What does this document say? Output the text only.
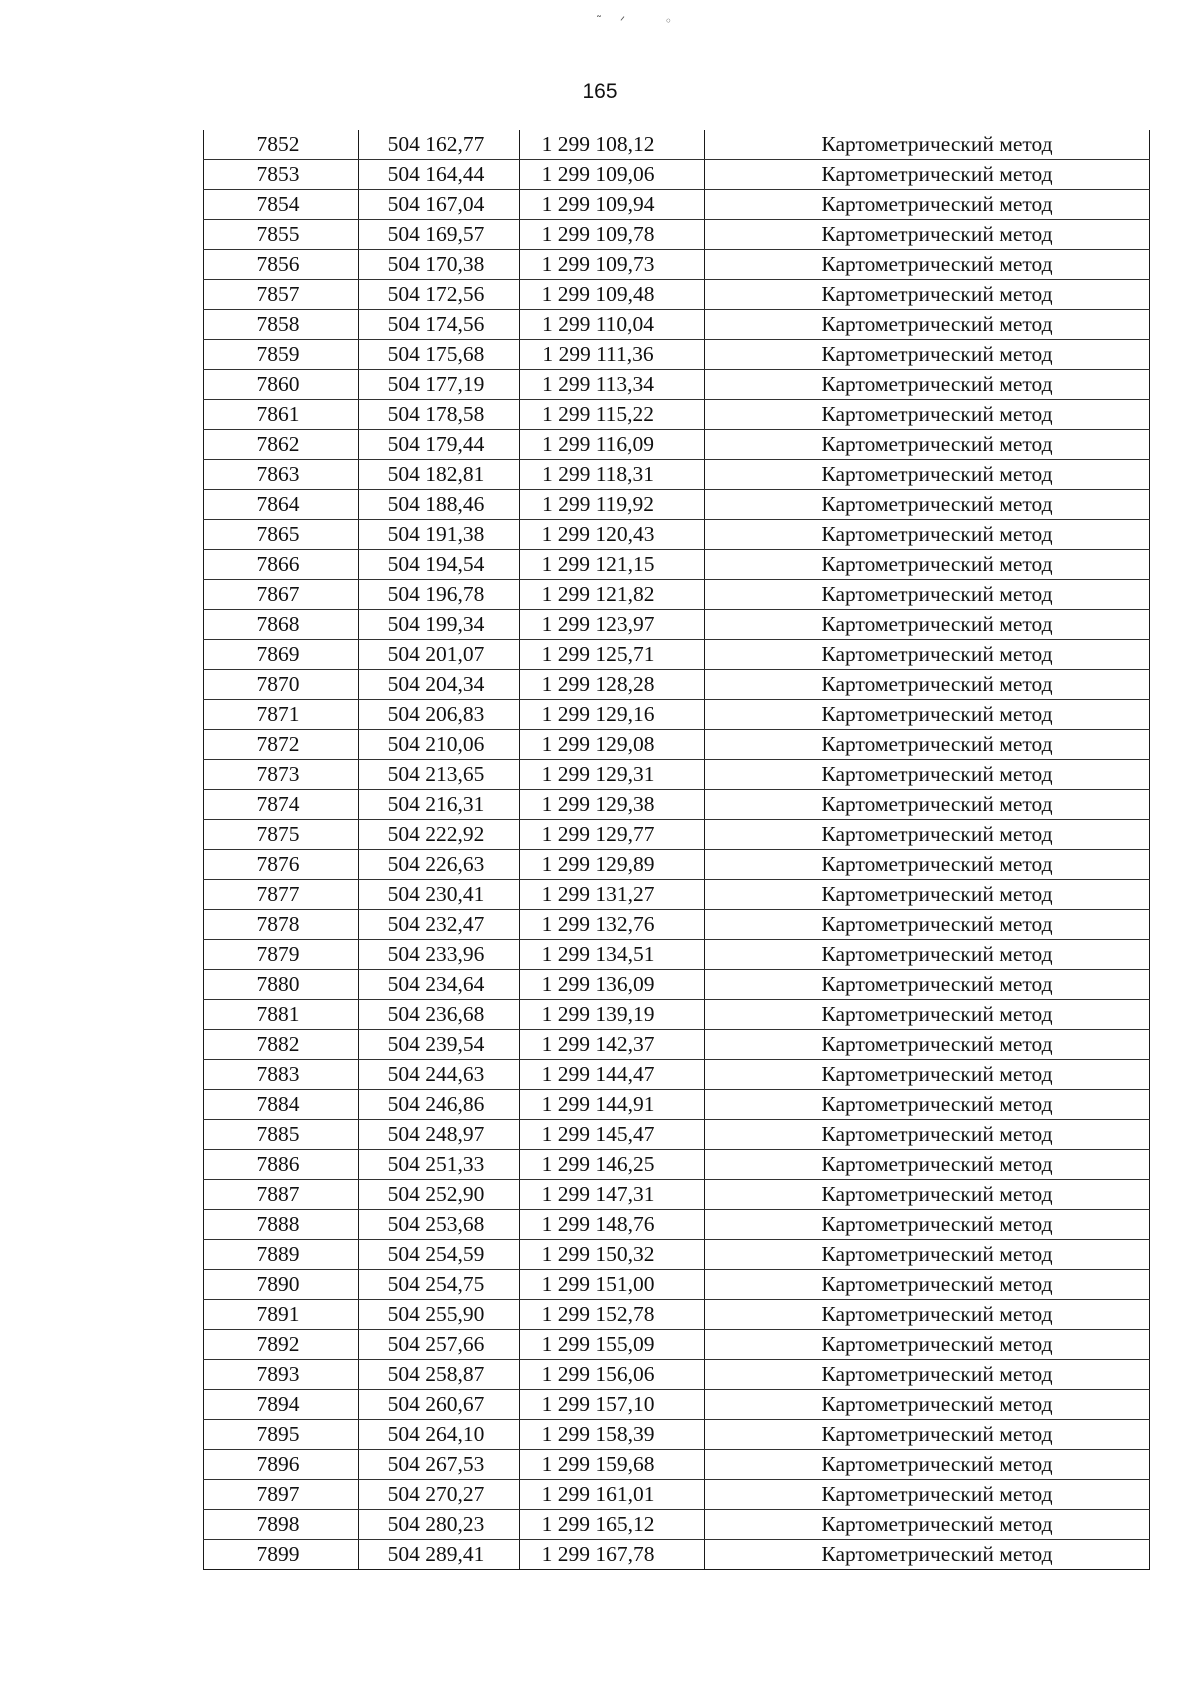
˜ᐟ ◦
165
7852	504 162,77	1 299 108,12	Картометрический метод
7853	504 164,44	1 299 109,06	Картометрический метод
7854	504 167,04	1 299 109,94	Картометрический метод
7855	504 169,57	1 299 109,78	Картометрический метод
7856	504 170,38	1 299 109,73	Картометрический метод
7857	504 172,56	1 299 109,48	Картометрический метод
7858	504 174,56	1 299 110,04	Картометрический метод
7859	504 175,68	1 299 111,36	Картометрический метод
7860	504 177,19	1 299 113,34	Картометрический метод
7861	504 178,58	1 299 115,22	Картометрический метод
7862	504 179,44	1 299 116,09	Картометрический метод
7863	504 182,81	1 299 118,31	Картометрический метод
7864	504 188,46	1 299 119,92	Картометрический метод
7865	504 191,38	1 299 120,43	Картометрический метод
7866	504 194,54	1 299 121,15	Картометрический метод
7867	504 196,78	1 299 121,82	Картометрический метод
7868	504 199,34	1 299 123,97	Картометрический метод
7869	504 201,07	1 299 125,71	Картометрический метод
7870	504 204,34	1 299 128,28	Картометрический метод
7871	504 206,83	1 299 129,16	Картометрический метод
7872	504 210,06	1 299 129,08	Картометрический метод
7873	504 213,65	1 299 129,31	Картометрический метод
7874	504 216,31	1 299 129,38	Картометрический метод
7875	504 222,92	1 299 129,77	Картометрический метод
7876	504 226,63	1 299 129,89	Картометрический метод
7877	504 230,41	1 299 131,27	Картометрический метод
7878	504 232,47	1 299 132,76	Картометрический метод
7879	504 233,96	1 299 134,51	Картометрический метод
7880	504 234,64	1 299 136,09	Картометрический метод
7881	504 236,68	1 299 139,19	Картометрический метод
7882	504 239,54	1 299 142,37	Картометрический метод
7883	504 244,63	1 299 144,47	Картометрический метод
7884	504 246,86	1 299 144,91	Картометрический метод
7885	504 248,97	1 299 145,47	Картометрический метод
7886	504 251,33	1 299 146,25	Картометрический метод
7887	504 252,90	1 299 147,31	Картометрический метод
7888	504 253,68	1 299 148,76	Картометрический метод
7889	504 254,59	1 299 150,32	Картометрический метод
7890	504 254,75	1 299 151,00	Картометрический метод
7891	504 255,90	1 299 152,78	Картометрический метод
7892	504 257,66	1 299 155,09	Картометрический метод
7893	504 258,87	1 299 156,06	Картометрический метод
7894	504 260,67	1 299 157,10	Картометрический метод
7895	504 264,10	1 299 158,39	Картометрический метод
7896	504 267,53	1 299 159,68	Картометрический метод
7897	504 270,27	1 299 161,01	Картометрический метод
7898	504 280,23	1 299 165,12	Картометрический метод
7899	504 289,41	1 299 167,78	Картометрический метод
